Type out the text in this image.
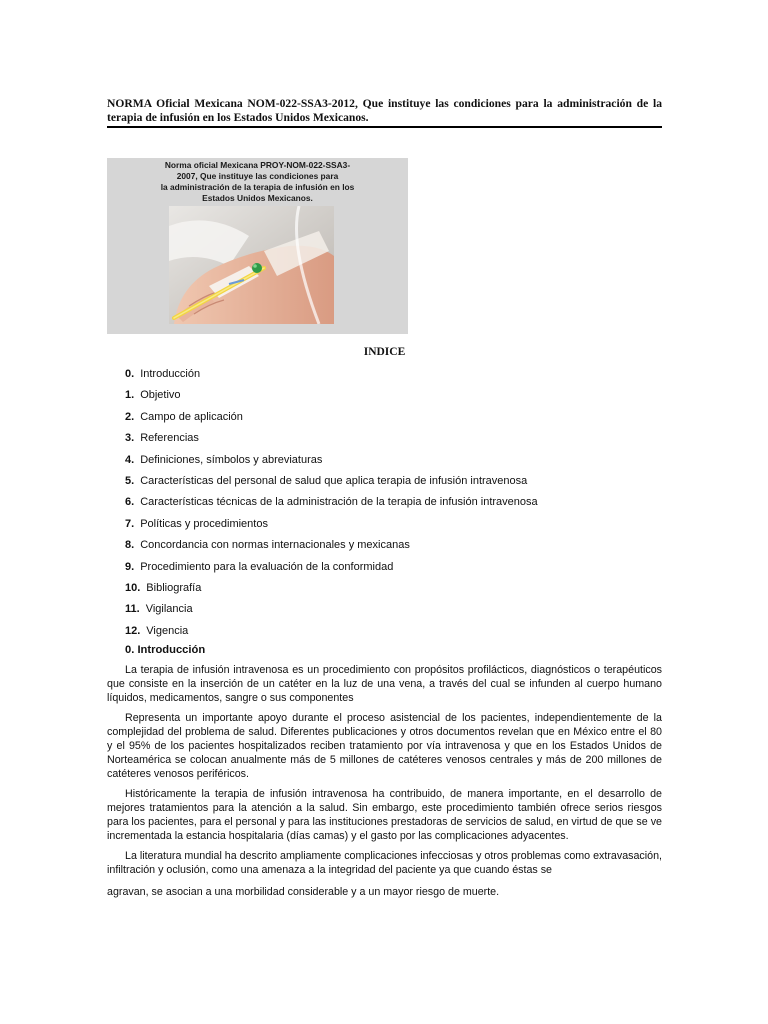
NORMA Oficial Mexicana NOM-022-SSA3-2012, Que instituye las condiciones para la administración de la terapia de infusión en los Estados Unidos Mexicanos.
Norma oficial Mexicana PROY-NOM-022-SSA3-
2007, Que instituye las condiciones para
la administración de la terapia de infusión en los
Estados Unidos Mexicanos.
INDICE
0. Introducción
1. Objetivo
2. Campo de aplicación
3. Referencias
4. Definiciones, símbolos y abreviaturas
5. Características del personal de salud que aplica terapia de infusión intravenosa
6. Características técnicas de la administración de la terapia de infusión intravenosa
7. Políticas y procedimientos
8. Concordancia con normas internacionales y mexicanas
9. Procedimiento para la evaluación de la conformidad
10. Bibliografía
11. Vigilancia
12. Vigencia
0. Introducción

La terapia de infusión intravenosa es un procedimiento con propósitos profilácticos, diagnósticos o terapéuticos que consiste en la inserción de un catéter en la luz de una vena, a través del cual se infunden al cuerpo humano líquidos, medicamentos, sangre o sus componentes

Representa un importante apoyo durante el proceso asistencial de los pacientes, independientemente de la complejidad del problema de salud. Diferentes publicaciones y otros documentos revelan que en México entre el 80 y el 95% de los pacientes hospitalizados reciben tratamiento por vía intravenosa y que en los Estados Unidos de Norteamérica se colocan anualmente más de 5 millones de catéteres venosos centrales y más de 200 millones de catéteres venosos periféricos.

Históricamente la terapia de infusión intravenosa ha contribuido, de manera importante, en el desarrollo de mejores tratamientos para la atención a la salud. Sin embargo, este procedimiento también ofrece serios riesgos para los pacientes, para el personal y para las instituciones prestadoras de servicios de salud, en virtud de que se ve incrementada la estancia hospitalaria (días camas) y el gasto por las complicaciones adyacentes.

La literatura mundial ha descrito ampliamente complicaciones infecciosas y otros problemas como extravasación, infiltración y oclusión, como una amenaza a la integridad del paciente ya que cuando éstas se

agravan, se asocian a una morbilidad considerable y a un mayor riesgo de muerte.
